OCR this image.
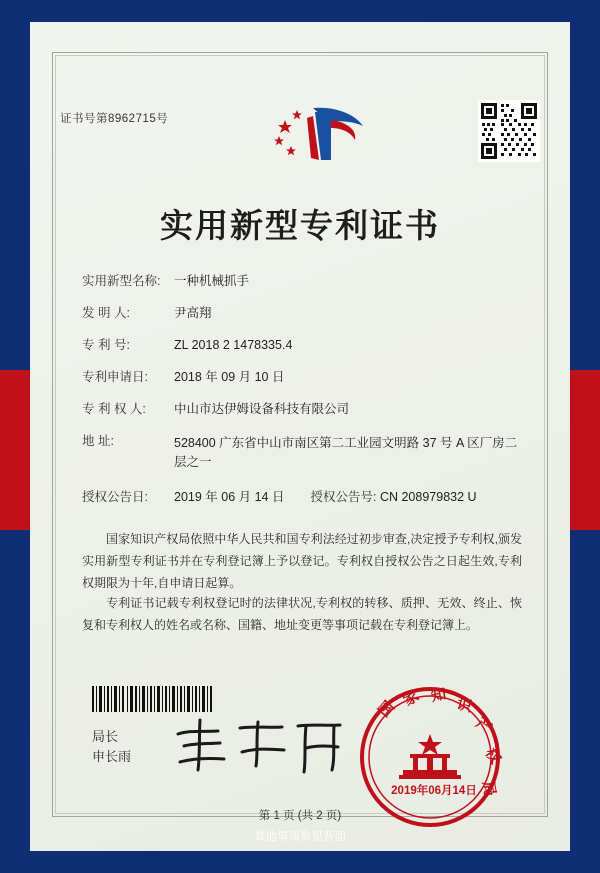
证书号第8962715号
实用新型专利证书
实用新型名称: 一种机械抓手
发 明 人:	尹高翔
专 利 号:	ZL 2018 2 1478335.4
专利申请日: 2018 年 09 月 10 日
专 利 权 人: 中山市达伊姆设备科技有限公司
地 址:	528400 广东省中山市南区第二工业园文明路 37 号 A 区厂房二层之一
授权公告日: 2019 年 06 月 14 日 授权公告号: CN 208979832 U
国家知识产权局依照中华人民共和国专利法经过初步审查,决定授予专利权,颁发实用新型专利证书并在专利登记簿上予以登记。专利权自授权公告之日起生效,专利权期限为十年,自申请日起算。
专利证书记载专利权登记时的法律状况,专利权的转移、质押、无效、终止、恢复和专利权人的姓名或名称、国籍、地址变更等事项记载在专利登记簿上。
局长
申长雨
国 家 知 识
产
权
局
2019年06月14日
第 1 页 (共 2 页)
其他事项参见背面
